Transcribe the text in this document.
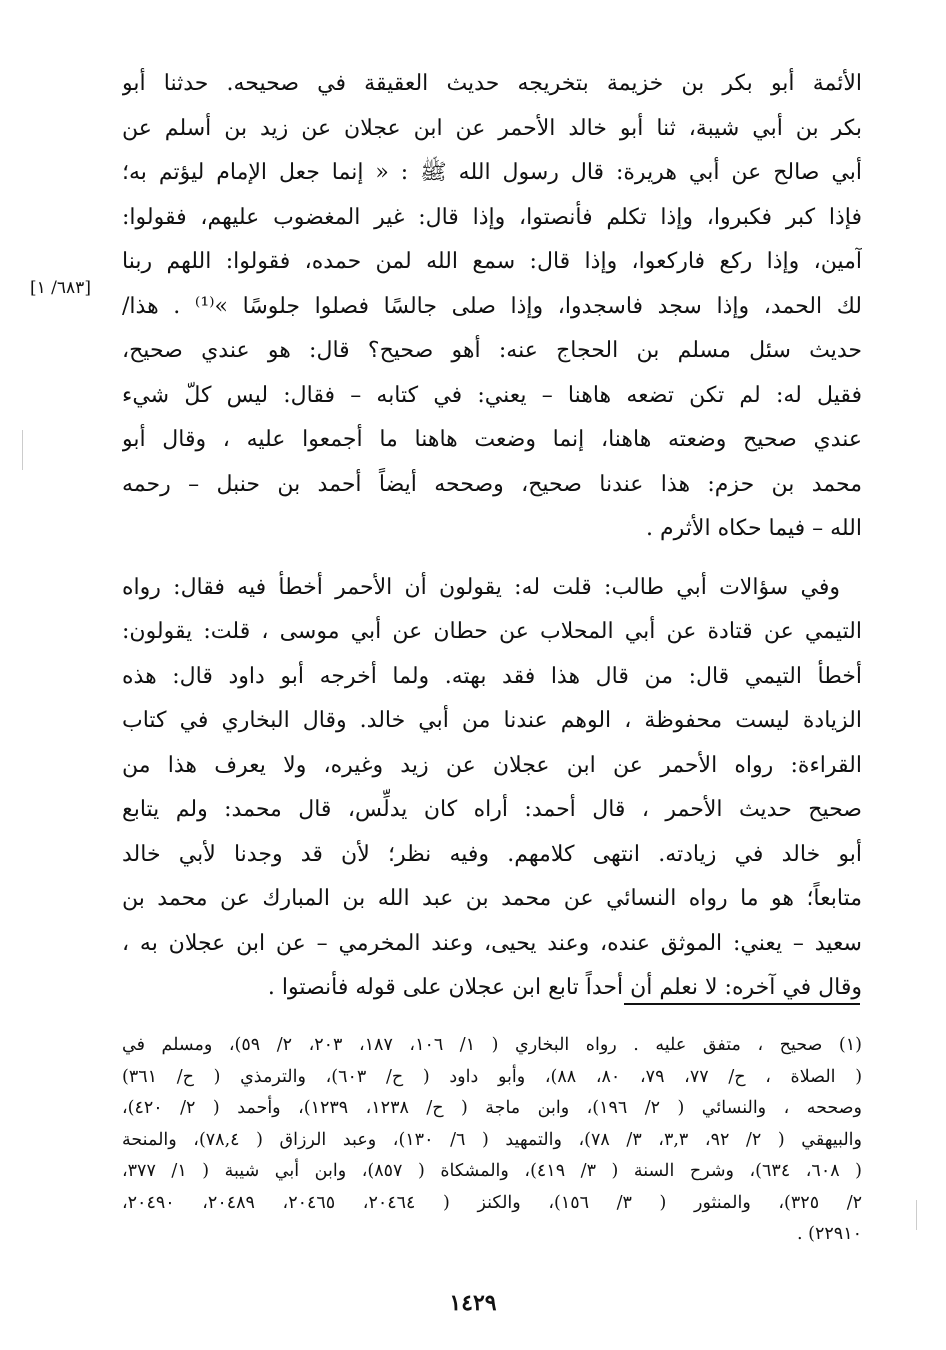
الأئمة أبو بكر بن خزيمة بتخريجه حديث العقيقة في صحيحه. حدثنا أبو
بكر بن أبي شيبة، ثنا أبو خالد الأحمر عن ابن عجلان عن زيد بن أسلم عن
أبي صالح عن أبي هريرة: قال رسول الله ﷺ : « إنما جعل الإمام ليؤتم به؛
فإذا كبر فكبروا، وإذا تكلم فأنصتوا، وإذا قال: غير المغضوب عليهم، فقولوا:
آمين، وإذا ركع فاركعوا، وإذا قال: سمع الله لمن حمده، فقولوا: اللهم ربنا
لك الحمد، وإذا سجد فاسجدوا، وإذا صلى جالسًا فصلوا جلوسًا »⁽¹⁾ . هذا/
حديث سئل مسلم بن الحجاج عنه: أهو صحيح؟ قال: هو عندي صحيح،
فقيل له: لم تكن تضعه هاهنا – يعني: في كتابه – فقال: ليس كلّ شيء
عندي صحيح وضعته هاهنا، إنما وضعت هاهنا ما أجمعوا عليه ، وقال أبو
محمد بن حزم: هذا عندنا صحيح، وصححه أيضاً أحمد بن حنبل – رحمه
الله – فيما حكاه الأثرم .
وفي سؤالات أبي طالب: قلت له: يقولون أن الأحمر أخطأ فيه فقال: رواه
التيمي عن قتادة عن أبي المحلاب عن حطان عن أبي موسى ، قلت: يقولون:
أخطأ التيمي قال: من قال هذا فقد بهته. ولما أخرجه أبو داود قال: هذه
الزيادة ليست محفوظة ، الوهم عندنا من أبي خالد. وقال البخاري في كتاب
القراءة: رواه الأحمر عن ابن عجلان عن زيد وغيره، ولا يعرف هذا من
صحيح حديث الأحمر ، قال أحمد: أراه كان يدلِّس، قال محمد: ولم يتابع
أبو خالد في زيادته. انتهى كلامهم. وفيه نظر؛ لأن قد وجدنا لأبي خالد
متابعاً؛ هو ما رواه النسائي عن محمد بن عبد الله بن المبارك عن محمد بن
سعيد – يعني: الموثق عنده، وعند يحيى، وعند المخرمي – عن ابن عجلان به ،
وقال في آخره: لا نعلم أن أحداً تابع ابن عجلان على قوله فأنصتوا .
[٦٨٣/ ١]
(١) صحيح ، متفق عليه . رواه البخاري ( ١/ ١٠٦، ١٨٧، ٢٠٣، ٢/ ٥٩)، ومسلم في
( الصلاة ، ح/ ٧٧، ٧٩، ٨٠، ٨٨)، وأبو داود ( ح/ ٦٠٣)، والترمذي ( ح/ ٣٦١)
وصححه ، والنسائي ( ٢/ ١٩٦)، وابن ماجة ( ح/ ١٢٣٨، ١٢٣٩)، وأحمد ( ٢/ ٤٢٠)،
والبيهقي ( ٢/ ٩٢، ٣,٣، ٣/ ٧٨)، والتمهيد ( ٦/ ١٣٠)، وعبد الرزاق ( ٧٨,٤)، والمنحة
( ٦٠٨، ٦٣٤)، وشرح السنة ( ٣/ ٤١٩)، والمشكاة ( ٨٥٧)، وابن أبي شيبة ( ١/ ٣٧٧،
٢/ ٣٢٥)، والمنثور ( ٣/ ١٥٦)، والكنز ( ٢٠٤٦٤، ٢٠٤٦٥، ٢٠٤٨٩، ٢٠٤٩٠،
٢٢٩١٠) .
١٤٢٩
